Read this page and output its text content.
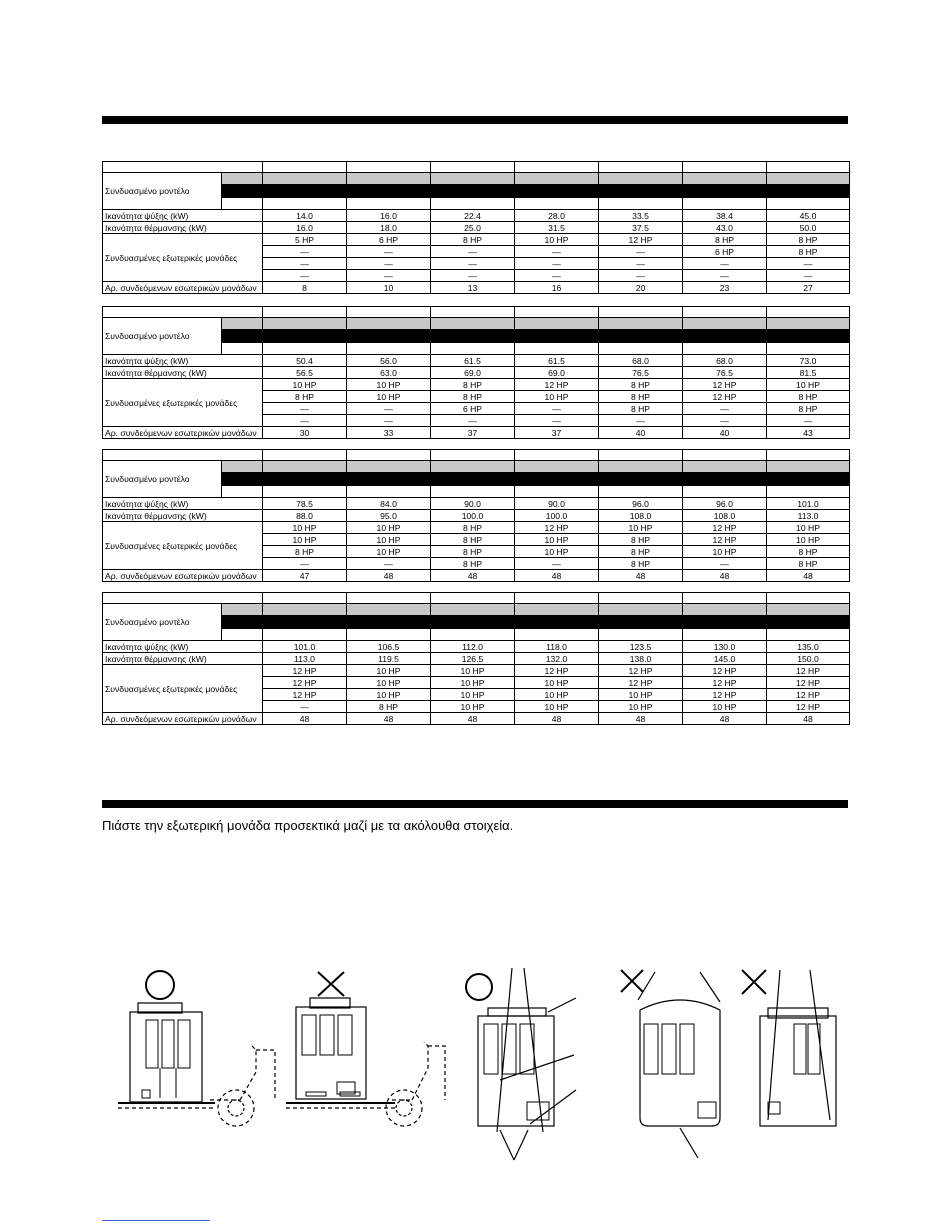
Συνδυασμένο μοντέλο								

Ικανότητα ψύξης (kW)		14.0	16.0	22.4	28.0	33.5	38.4	45.0
Ικανότητα θέρμανσης (kW)		16.0	18.0	25.0	31.5	37.5	43.0	50.0
Συνδυασμένες εξωτερικές μονάδες		5 HP	6 HP	8 HP	10 HP	12 HP	8 HP	8 HP
		—	—	—	—	—	6 HP	8 HP
		—	—	—	—	—	—	—
		—	—	—	—	—	—	—
Αρ. συνδεόμενων εσωτερικών μονάδων		8	10	13	16	20	23	27

Συνδυασμένο μοντέλο								

Ικανότητα ψύξης (kW)		50.4	56.0	61.5	61.5	68.0	68.0	73.0
Ικανότητα θέρμανσης (kW)		56.5	63.0	69.0	69.0	76.5	76.5	81.5
Συνδυασμένες εξωτερικές μονάδες		10 HP	10 HP	8 HP	12 HP	8 HP	12 HP	10 HP
		8 HP	10 HP	8 HP	10 HP	8 HP	12 HP	8 HP
		—	—	6 HP	—	8 HP	—	8 HP
		—	—	—	—	—	—	—
Αρ. συνδεόμενων εσωτερικών μονάδων		30	33	37	37	40	40	43

Συνδυασμένο μοντέλο								

Ικανότητα ψύξης (kW)		78.5	84.0	90.0	90.0	96.0	96.0	101.0
Ικανότητα θέρμανσης (kW)		88.0	95.0	100.0	100.0	108.0	108.0	113.0
Συνδυασμένες εξωτερικές μονάδες		10 HP	10 HP	8 HP	12 HP	10 HP	12 HP	10 HP
		10 HP	10 HP	8 HP	10 HP	8 HP	12 HP	10 HP
		8 HP	10 HP	8 HP	10 HP	8 HP	10 HP	8 HP
		—	—	8 HP	—	8 HP	—	8 HP
Αρ. συνδεόμενων εσωτερικών μονάδων		47	48	48	48	48	48	48

Συνδυασμένο μοντέλο								

Ικανότητα ψύξης (kW)		101.0	106.5	112.0	118.0	123.5	130.0	135.0
Ικανότητα θέρμανσης (kW)		113.0	119.5	126.5	132.0	138.0	145.0	150.0
Συνδυασμένες εξωτερικές μονάδες		12 HP	10 HP	10 HP	12 HP	12 HP	12 HP	12 HP
		12 HP	10 HP	10 HP	10 HP	12 HP	12 HP	12 HP
		12 HP	10 HP	10 HP	10 HP	10 HP	12 HP	12 HP
		—	8 HP	10 HP	10 HP	10 HP	10 HP	12 HP
Αρ. συνδεόμενων εσωτερικών μονάδων		48	48	48	48	48	48	48
Πιάστε την εξωτερική μονάδα προσεκτικά μαζί με τα ακόλουθα στοιχεία.
